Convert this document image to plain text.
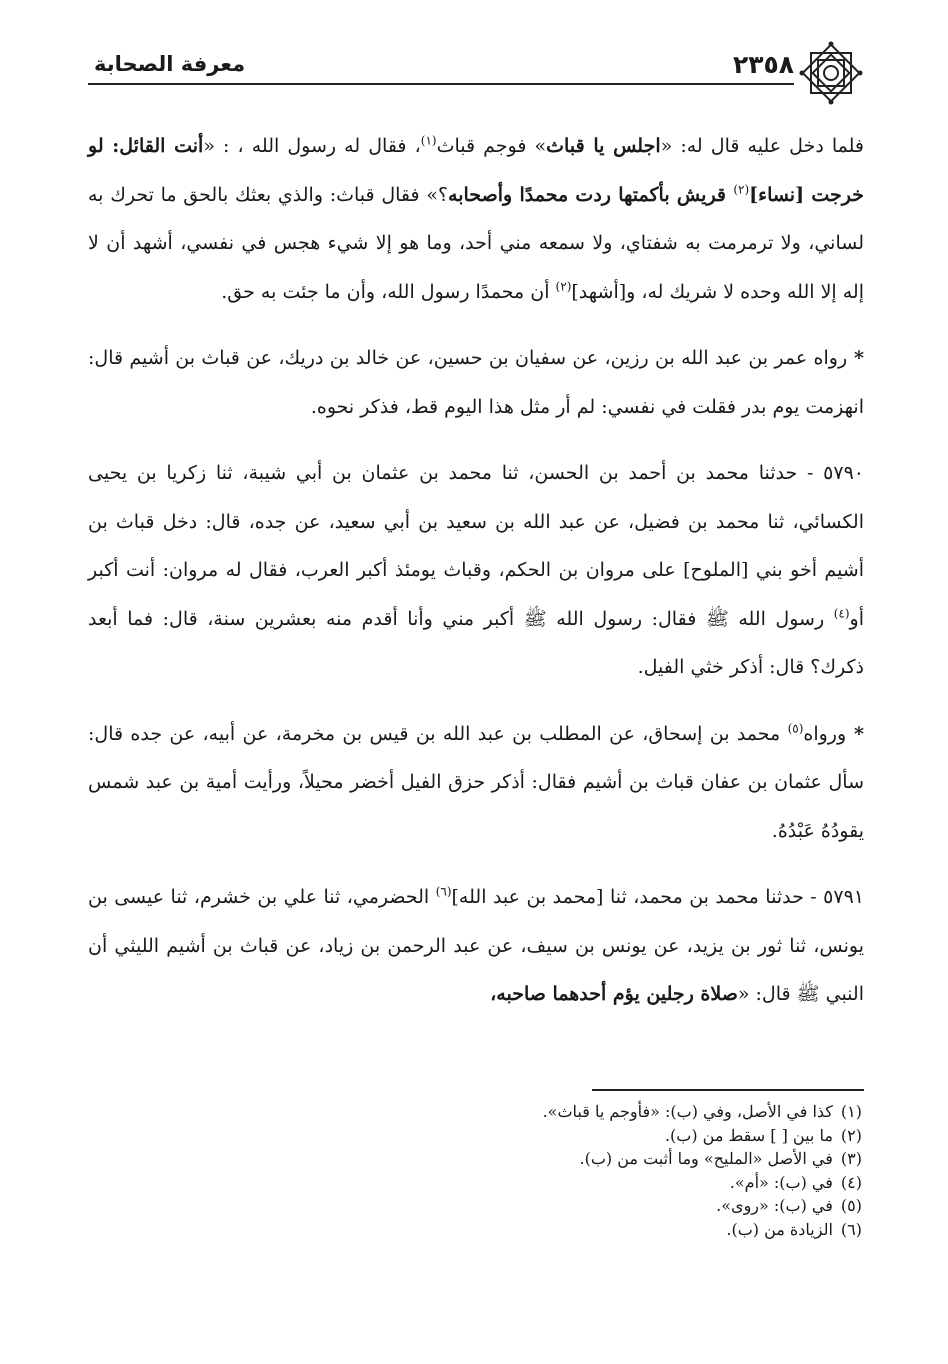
معرفة الصحابة	٢٣٥٨

فلما دخل عليه قال له: «اجلس يا قباث» فوجم قباث$^{(١)}$، فقال له رسول الله ، : «أنت القائل: لو خرجت [نساء]$^{(٢)}$ قريش بأكمتها ردت محمدًا وأصحابه؟» فقال قباث: والذي بعثك بالحق ما تحرك به لساني، ولا ترمرمت به شفتاي، ولا سمعه مني أحد، وما هو إلا شيء هجس في نفسي، أشهد أن لا إله إلا الله وحده لا شريك له، و[أشهد]$^{(٢)}$ أن محمدًا رسول الله، وأن ما جئت به حق.

* رواه عمر بن عبد الله بن رزين، عن سفيان بن حسين، عن خالد بن دريك، عن قباث بن أشيم قال: انهزمت يوم بدر فقلت في نفسي: لم أر مثل هذا اليوم قط، فذكر نحوه.

٥٧٩٠ - حدثنا محمد بن أحمد بن الحسن، ثنا محمد بن عثمان بن أبي شيبة، ثنا زكريا بن يحيى الكسائي، ثنا محمد بن فضيل، عن عبد الله بن سعيد بن أبي سعيد، عن جده، قال: دخل قباث بن أشيم أخو بني [الملوح] على مروان بن الحكم، وقباث يومئذ أكبر العرب، فقال له مروان: أنت أكبر أو$^{(٤)}$ رسول الله ﷺ فقال: رسول الله ﷺ أكبر مني وأنا أقدم منه بعشرين سنة، قال: فما أبعد ذكرك؟ قال: أذكر خثي الفيل.

* ورواه$^{(٥)}$ محمد بن إسحاق، عن المطلب بن عبد الله بن قيس بن مخرمة، عن أبيه، عن جده قال: سأل عثمان بن عفان قباث بن أشيم فقال: أذكر حزق الفيل أخضر محيلاً، ورأيت أمية بن عبد شمس يقودُهُ عَبْدُهُ.

٥٧٩١ - حدثنا محمد بن محمد، ثنا [محمد بن عبد الله]$^{(٦)}$ الحضرمي، ثنا علي بن خشرم، ثنا عيسى بن يونس، ثنا ثور بن يزيد، عن يونس بن سيف، عن عبد الرحمن بن زياد، عن قباث بن أشيم الليثي أن النبي ﷺ قال: «صلاة رجلين يؤم أحدهما صاحبه،

(١)كذا في الأصل، وفي (ب): «فأوجم يا قباث».
(٢)ما بين [ ] سقط من (ب).
(٣)في الأصل «المليح» وما أثبت من (ب).
(٤)في (ب): «أم».
(٥)في (ب): «روى».
(٦)الزيادة من (ب).
